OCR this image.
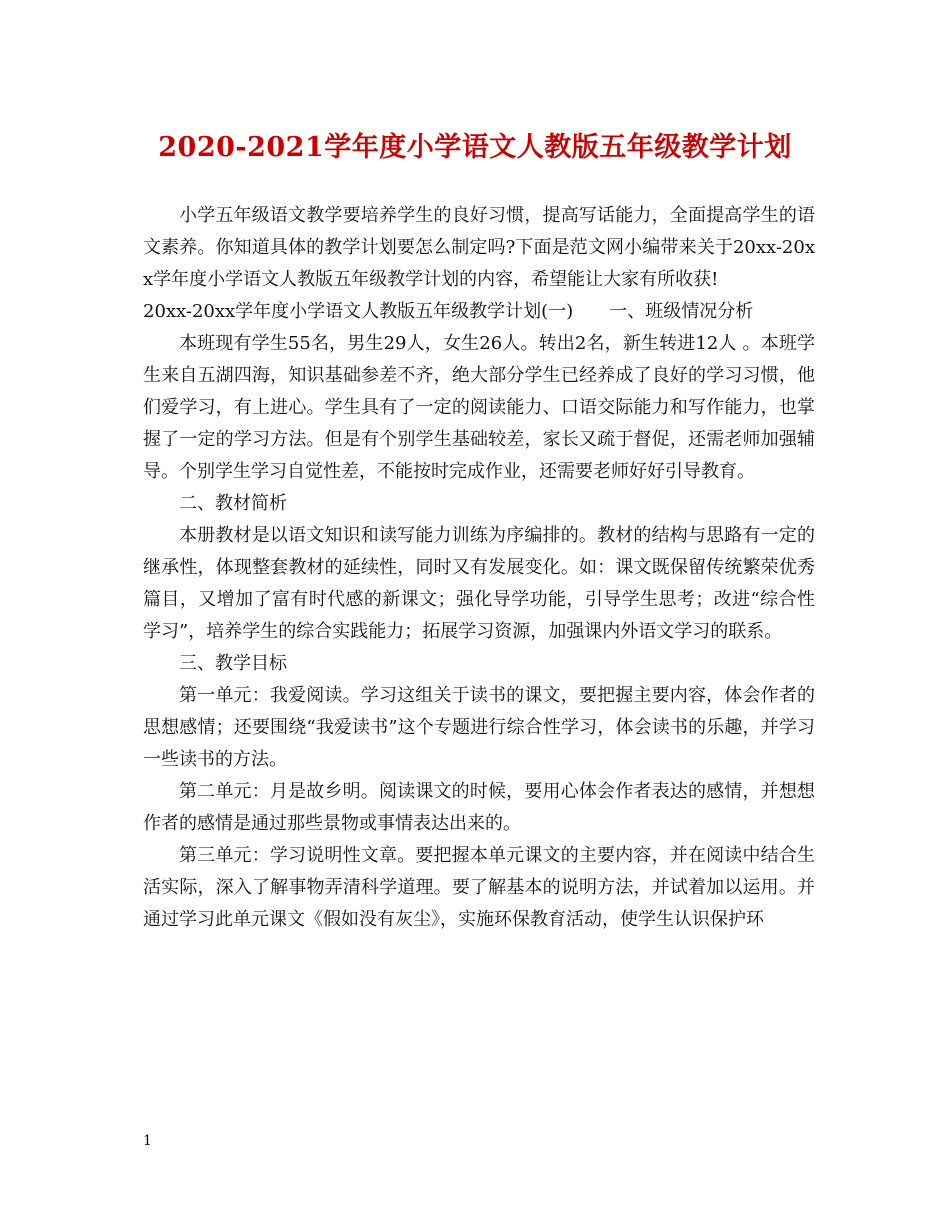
2020-2021学年度小学语文人教版五年级教学计划

小学五年级语文教学要培养学生的良好习惯，提高写话能力，全面提高学生的语文素养。你知道具体的教学计划要怎么制定吗?下面是范文网小编带来关于20xx-20xx学年度小学语文人教版五年级教学计划的内容，希望能让大家有所收获!

20xx-20xx学年度小学语文人教版五年级教学计划(一)　　一、班级情况分析

本班现有学生55名，男生29人，女生26人。转出2名，新生转进12人 。本班学生来自五湖四海，知识基础参差不齐，绝大部分学生已经养成了良好的学习习惯，他们爱学习，有上进心。学生具有了一定的阅读能力、口语交际能力和写作能力，也掌握了一定的学习方法。但是有个别学生基础较差，家长又疏于督促，还需老师加强辅导。个别学生学习自觉性差，不能按时完成作业，还需要老师好好引导教育。

二、教材简析

本册教材是以语文知识和读写能力训练为序编排的。教材的结构与思路有一定的继承性，体现整套教材的延续性，同时又有发展变化。如：课文既保留传统繁荣优秀篇目，又增加了富有时代感的新课文；强化导学功能，引导学生思考；改进“综合性学习”，培养学生的综合实践能力；拓展学习资源，加强课内外语文学习的联系。

三、教学目标

第一单元：我爱阅读。学习这组关于读书的课文，要把握主要内容，体会作者的思想感情；还要围绕“我爱读书”这个专题进行综合性学习，体会读书的乐趣，并学习一些读书的方法。

第二单元：月是故乡明。阅读课文的时候，要用心体会作者表达的感情，并想想作者的感情是通过那些景物或事情表达出来的。

第三单元：学习说明性文章。要把握本单元课文的主要内容，并在阅读中结合生活实际，深入了解事物弄清科学道理。要了解基本的说明方法，并试着加以运用。并通过学习此单元课文《假如没有灰尘》，实施环保教育活动，使学生认识保护环

1
